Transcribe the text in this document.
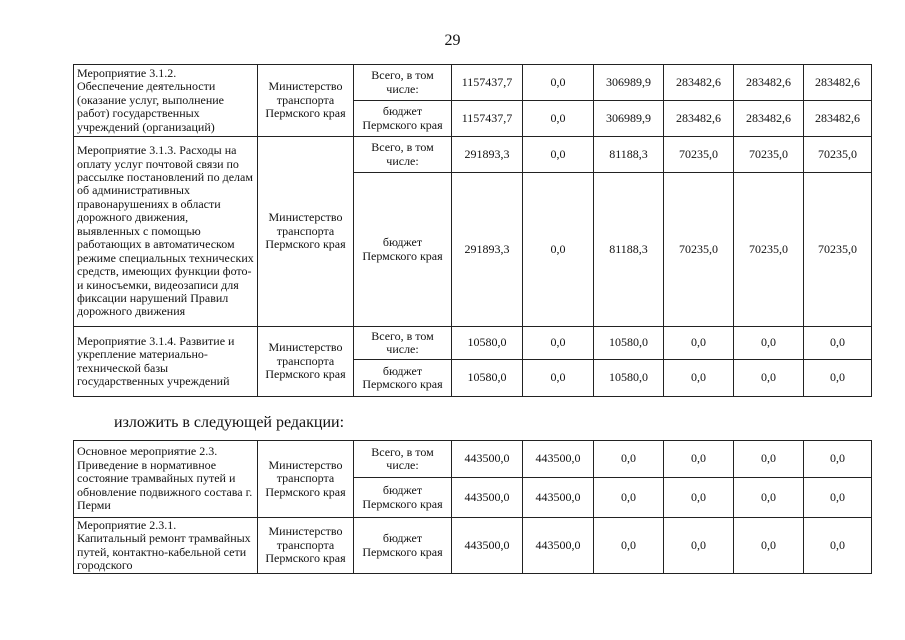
29
Мероприятие 3.1.2.
Обеспечение деятельности (оказание услуг, выполнение работ) государственных учреждений (организаций)	Министерство транспорта Пермского края	Всего, в том числе:	1157437,7	0,0	306989,9	283482,6	283482,6	283482,6
		бюджет Пермского края	1157437,7	0,0	306989,9	283482,6	283482,6	283482,6
Мероприятие 3.1.3. Расходы на оплату услуг почтовой связи по рассылке постановлений по делам об административных правонарушениях в области дорожного движения, выявленных с помощью работающих в автоматическом режиме специальных технических средств, имеющих функции фото- и киносъемки, видеозаписи для фиксации нарушений Правил дорожного движения	Министерство транспорта Пермского края	Всего, в том числе:	291893,3	0,0	81188,3	70235,0	70235,0	70235,0
		бюджет Пермского края	291893,3	0,0	81188,3	70235,0	70235,0	70235,0
Мероприятие 3.1.4. Развитие и укрепление материально-технической базы государственных учреждений	Министерство транспорта Пермского края	Всего, в том числе:	10580,0	0,0	10580,0	0,0	0,0	0,0
		бюджет Пермского края	10580,0	0,0	10580,0	0,0	0,0	0,0
изложить в следующей редакции:
Основное мероприятие 2.3. Приведение в нормативное состояние трамвайных путей и обновление подвижного состава г. Перми	Министерство транспорта Пермского края	Всего, в том числе:	443500,0	443500,0	0,0	0,0	0,0	0,0
		бюджет Пермского края	443500,0	443500,0	0,0	0,0	0,0	0,0
Мероприятие 2.3.1.
Капитальный ремонт трамвайных путей, контактно-кабельной сети городского	Министерство транспорта Пермского края	бюджет Пермского края	443500,0	443500,0	0,0	0,0	0,0	0,0
